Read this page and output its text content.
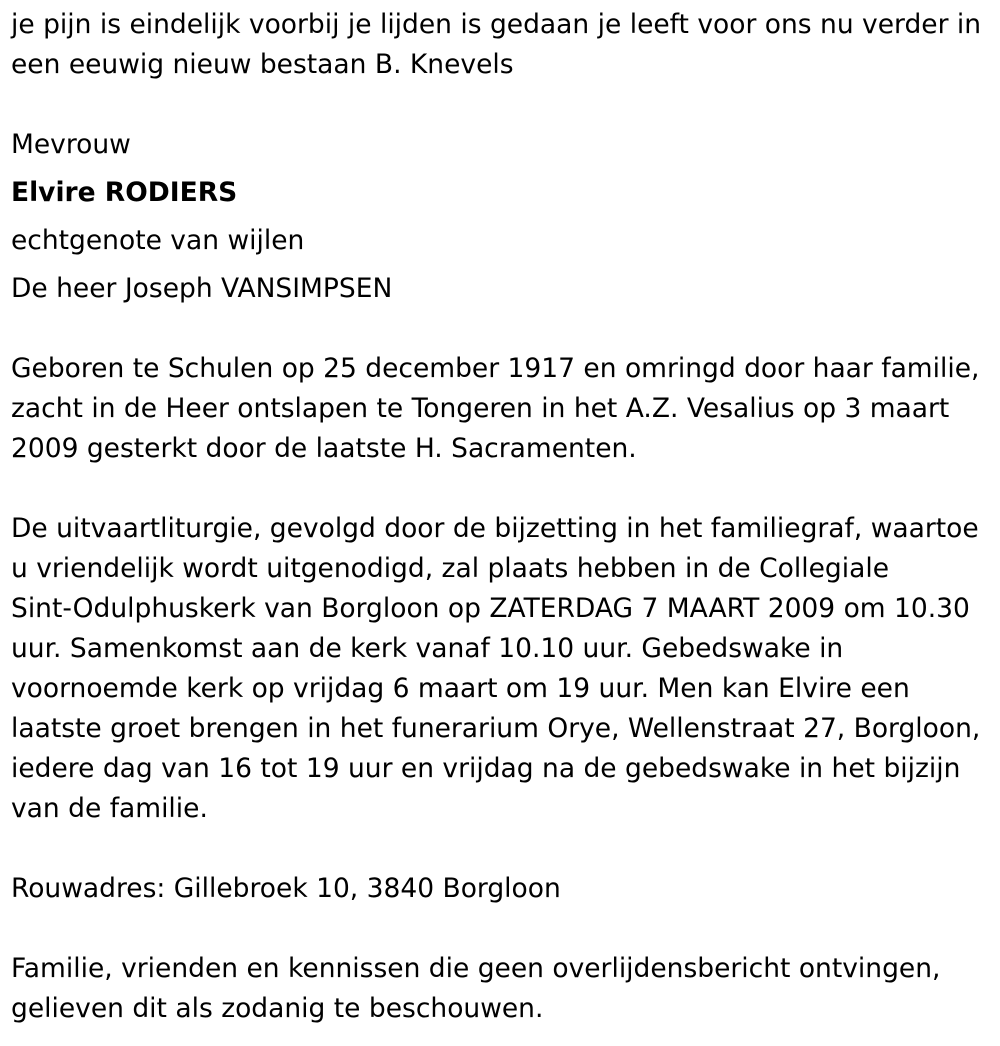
je pijn is eindelijk voorbij je lijden is gedaan je leeft voor ons nu verder in

een eeuwig nieuw bestaan B. Knevels

Mevrouw

Elvire RODIERS

echtgenote van wijlen

De heer Joseph VANSIMPSEN

Geboren te Schulen op 25 december 1917 en omringd door haar familie,

zacht in de Heer ontslapen te Tongeren in het A.Z. Vesalius op 3 maart

2009 gesterkt door de laatste H. Sacramenten.

De uitvaartliturgie, gevolgd door de bijzetting in het familiegraf, waartoe

u vriendelijk wordt uitgenodigd, zal plaats hebben in de Collegiale

Sint-Odulphuskerk van Borgloon op ZATERDAG 7 MAART 2009 om 10.30

uur. Samenkomst aan de kerk vanaf 10.10 uur. Gebedswake in

voornoemde kerk op vrijdag 6 maart om 19 uur. Men kan Elvire een

laatste groet brengen in het funerarium Orye, Wellenstraat 27, Borgloon,

iedere dag van 16 tot 19 uur en vrijdag na de gebedswake in het bijzijn

van de familie.

Rouwadres: Gillebroek 10, 3840 Borgloon

Familie, vrienden en kennissen die geen overlijdensbericht ontvingen,

gelieven dit als zodanig te beschouwen.
